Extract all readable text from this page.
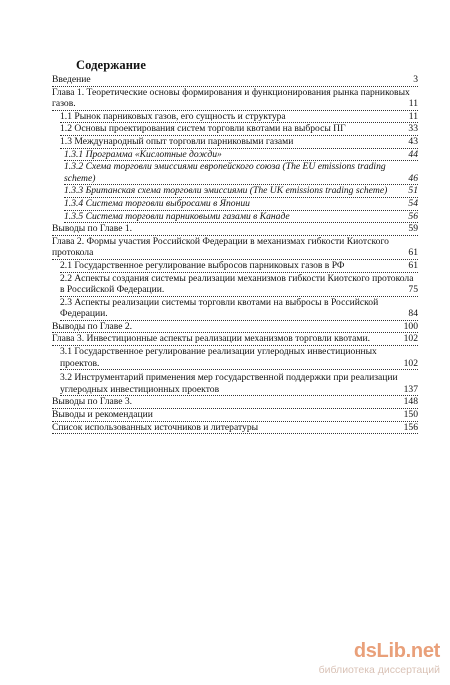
Содержание
Введение	3
Глава 1. Теоретические основы формирования и функционирования рынка парниковых газов.	11
1.1 Рынок парниковых газов, его сущность и структура	11
1.2 Основы проектирования систем торговли квотами на выбросы ПГ	33
1.3 Международный опыт торговли парниковыми газами	43
1.3.1 Программа «Кислотные дожди»	44
1.3.2 Схема торговли эмиссиями европейского союза (The EU emissions trading scheme)	46
1.3.3 Британская схема торговли эмиссиями (The UK emissions trading scheme)	51
1.3.4 Система торговли выбросами в Японии	54
1.3.5 Система торговли парниковыми газами в Канаде	56
Выводы по Главе 1.	59
Глава 2. Формы участия Российской Федерации в механизмах гибкости Киотского протокола	61
2.1 Государственное регулирование выбросов парниковых газов в РФ	61
2.2 Аспекты создания системы реализации механизмов гибкости Киотского протокола в Российской Федерации.	75
2.3 Аспекты реализации системы торговли квотами на выбросы в Российской Федерации.	84
Выводы по Главе 2.	100
Глава 3. Инвестиционные аспекты реализации механизмов торговли квотами.	102
3.1 Государственное регулирование реализации углеродных инвестиционных проектов.	102
3.2 Инструментарий применения мер государственной поддержки при реализации углеродных инвестиционных проектов	137
Выводы по Главе 3.	148
Выводы и рекомендации	150
Список использованных источников и литературы	156
dsLib.net
библиотека диссертаций
